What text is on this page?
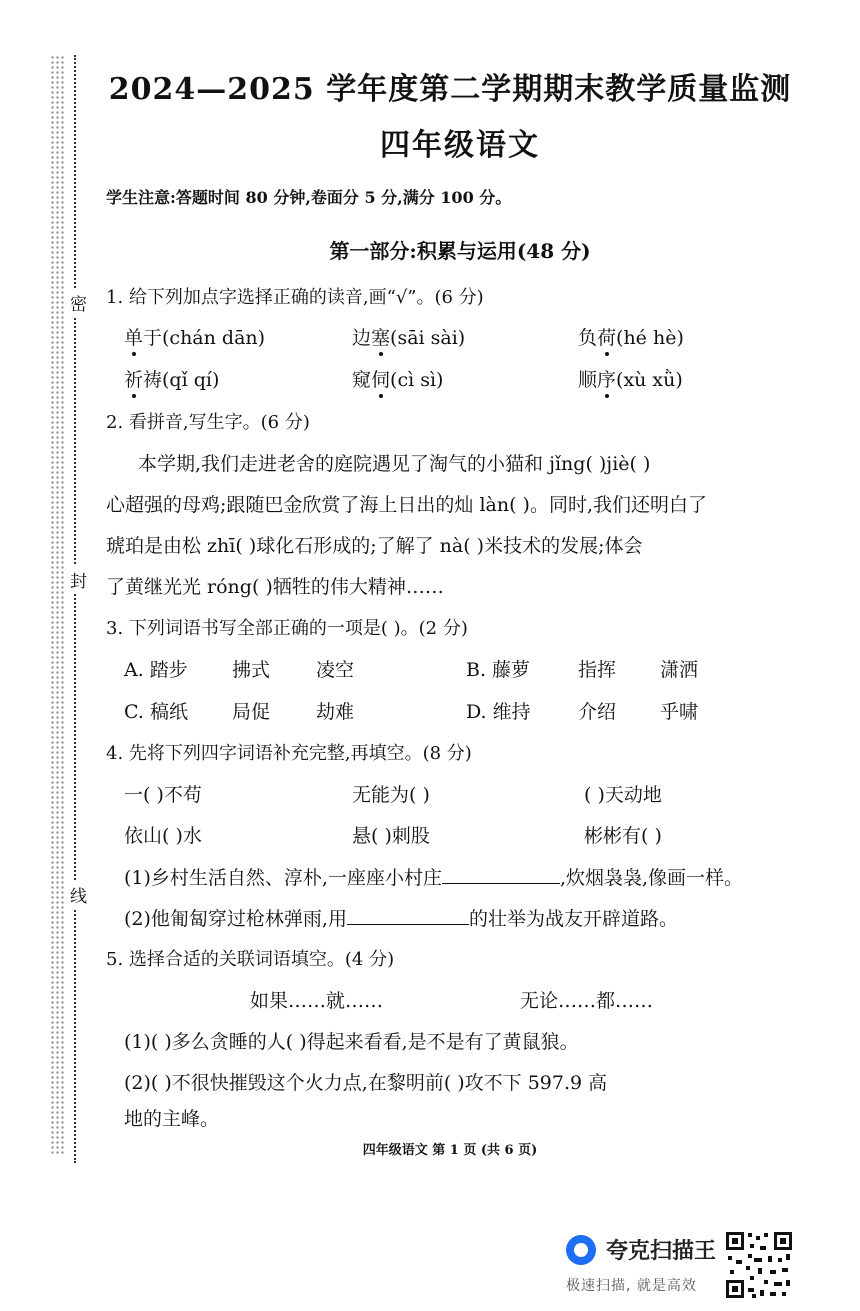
密
封
线
2024—2025 学年度第二学期期末教学质量监测
四年级语文
学生注意:答题时间 80 分钟,卷面分 5 分,满分 100 分。
第一部分:积累与运用(48 分)
1. 给下列加点字选择正确的读音,画“√”。(6 分)
单于(chán dān)	边塞(sāi sài)	负荷(hé hè)
祈祷(qǐ qí)	窥伺(cì sì)	顺序(xù xǜ)
2. 看拼音,写生字。(6 分)
本学期,我们走进老舍的庭院遇见了淘气的小猫和 jǐng( )jiè( )
心超强的母鸡;跟随巴金欣赏了海上日出的灿 làn( )。同时,我们还明白了
琥珀是由松 zhī( )球化石形成的;了解了 nà( )米技术的发展;体会
了黄继光光 róng( )牺牲的伟大精神……
3. 下列词语书写全部正确的一项是( )。(2 分)
A. 踏步 拂式 凌空	B. 藤萝	指挥 潇洒
C. 稿纸 局促 劫难	D. 维持 介绍 乎啸
4. 先将下列四字词语补充完整,再填空。(8 分)
一( )不苟	无能为( )	( )天动地
依山( )水	悬( )刺股	彬彬有( )
(1)乡村生活自然、淳朴,一座座小村庄	,炊烟袅袅,像画一样。
(2)他匍匐穿过枪林弹雨,用	的壮举为战友开辟道路。
5. 选择合适的关联词语填空。(4 分)
如果……就……	无论……都……
(1)( )多么贪睡的人( )得起来看看,是不是有了黄鼠狼。
(2)( )不很快摧毁这个火力点,在黎明前( )攻不下 597.9 高
地的主峰。
四年级语文 第 1 页 (共 6 页)
夸克扫描王
极速扫描, 就是高效
